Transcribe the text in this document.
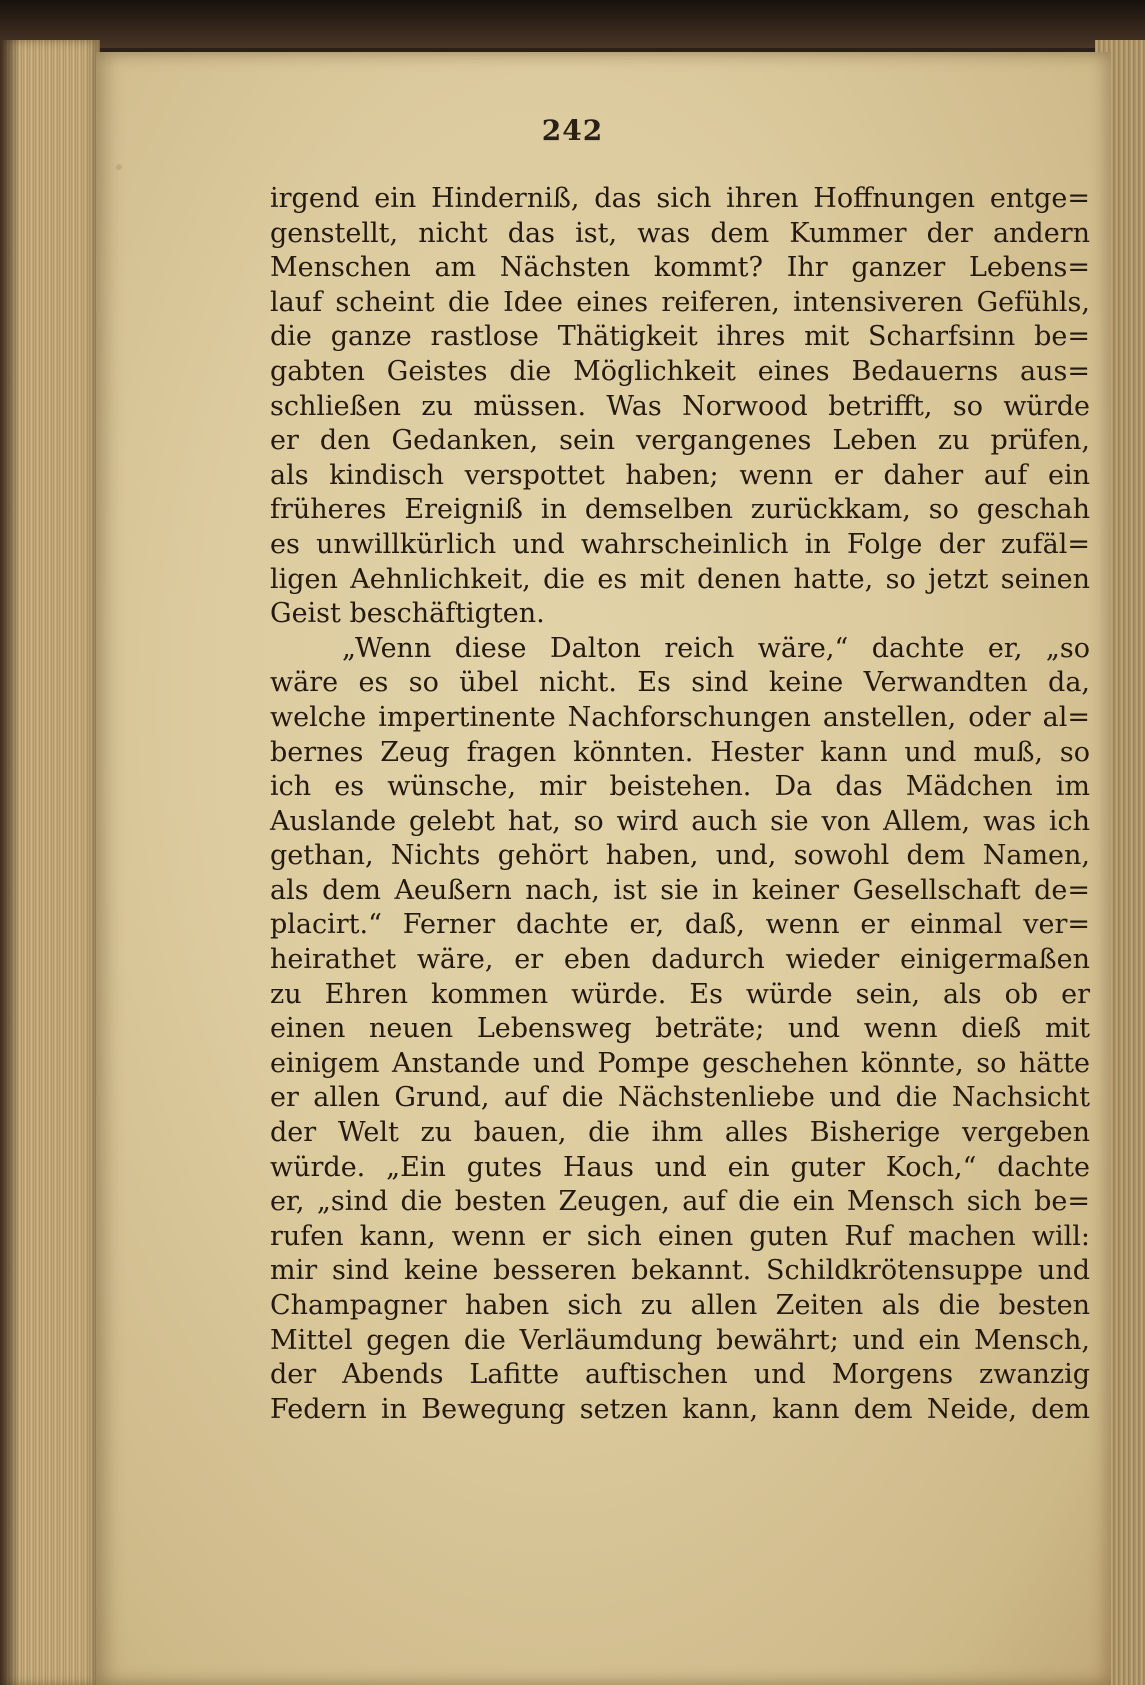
242
irgend ein Hinderniß, das sich ihren Hoffnungen entge=
genstellt, nicht das ist, was dem Kummer der andern
Menschen am Nächsten kommt? Ihr ganzer Lebens=
lauf scheint die Idee eines reiferen, intensiveren Gefühls,
die ganze rastlose Thätigkeit ihres mit Scharfsinn be=
gabten Geistes die Möglichkeit eines Bedauerns aus=
schließen zu müssen. Was Norwood betrifft, so würde
er den Gedanken, sein vergangenes Leben zu prüfen,
als kindisch verspottet haben; wenn er daher auf ein
früheres Ereigniß in demselben zurückkam, so geschah
es unwillkürlich und wahrscheinlich in Folge der zufäl=
ligen Aehnlichkeit, die es mit denen hatte, so jetzt seinen
Geist beschäftigten.
„Wenn diese Dalton reich wäre,“ dachte er, „so
wäre es so übel nicht. Es sind keine Verwandten da,
welche impertinente Nachforschungen anstellen, oder al=
bernes Zeug fragen könnten. Hester kann und muß, so
ich es wünsche, mir beistehen. Da das Mädchen im
Auslande gelebt hat, so wird auch sie von Allem, was ich
gethan, Nichts gehört haben, und, sowohl dem Namen,
als dem Aeußern nach, ist sie in keiner Gesellschaft de=
placirt.“ Ferner dachte er, daß, wenn er einmal ver=
heirathet wäre, er eben dadurch wieder einigermaßen
zu Ehren kommen würde. Es würde sein, als ob er
einen neuen Lebensweg beträte; und wenn dieß mit
einigem Anstande und Pompe geschehen könnte, so hätte
er allen Grund, auf die Nächstenliebe und die Nachsicht
der Welt zu bauen, die ihm alles Bisherige vergeben
würde. „Ein gutes Haus und ein guter Koch,“ dachte
er, „sind die besten Zeugen, auf die ein Mensch sich be=
rufen kann, wenn er sich einen guten Ruf machen will:
mir sind keine besseren bekannt. Schildkrötensuppe und
Champagner haben sich zu allen Zeiten als die besten
Mittel gegen die Verläumdung bewährt; und ein Mensch,
der Abends Lafitte auftischen und Morgens zwanzig
Federn in Bewegung setzen kann, kann dem Neide, dem
